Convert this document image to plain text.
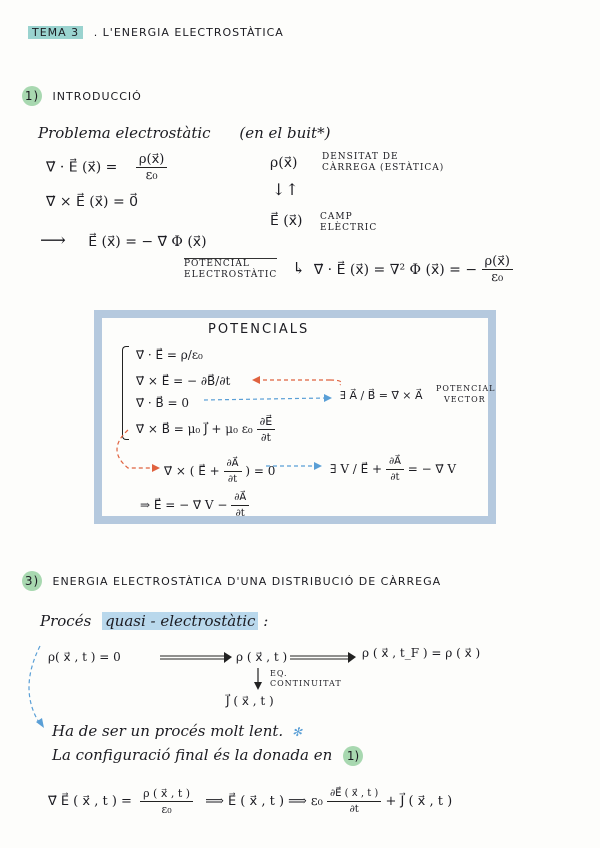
TEMA 3 . L'ENERGIA ELECTROSTÀTICA
1) INTRODUCCIÓ
Problema electrostàtic (en el buit*)
∇⃗ · E⃗ (x⃗) = $\frac{\rho(x⃗)}{\text{ε₀}}$
∇⃗ × E⃗ (x⃗) = 0⃗
⟶ E⃗ (x⃗) = − ∇⃗ Φ (x⃗)
POTENCIAL
ELECTROSTÀTIC
ρ(x⃗)	DENSITAT DE
CÀRREGA (ESTÀTICA)
↓↑
E⃗ (x⃗) CAMP
ELÈCTRIC
↳ ∇⃗ · E⃗ (x⃗) = ∇² Φ (x⃗) = − $\frac{\rho(x⃗)}{\text{ε₀}}$
POTENCIALS
∇⃗ · E⃗ = ρ/ε₀
∇⃗ × E⃗ = − ∂B⃗/∂t
∇⃗ · B⃗ = 0
∇⃗ × B⃗ = μ₀ J⃗ + μ₀ $\varepsilon_0 \frac{\partial E⃗}{\partial t}$
∃ A⃗ / B⃗ = ∇⃗ × A⃗
POTENCIAL
VECTOR
∇⃗ × ( E⃗ + $\frac{\partial A⃗}{\partial t}$ ) = 0	∃ V / E⃗ + $\frac{\partial A⃗}{\partial t}$ = − ∇⃗ V
⇒ E⃗ = − ∇⃗ $V - \frac{\partial A⃗}{\partial t}$
3) ENERGIA ELECTROSTÀTICA D'UNA DISTRIBUCIÓ DE CÀRREGA
Procés quasi - electrostàtic :
ρ( x⃗ , t ) = 0	ρ ( x⃗ , t )	ρ ( x⃗ , t_F ) = ρ ( x⃗ )
EQ.
CONTINUITAT
J⃗ ( x⃗ , t )
Ha de ser un procés molt lent. ✻
La configuració final és la donada en 1)
∇⃗ E⃗ ( x⃗ , t ) = $\frac{\rho ( x⃗ , t )}{\text{ε₀}}$ ⟹ E⃗ ( x⃗ , t ) ⟹ $\varepsilon_0 \frac{\partial E⃗ ( x⃗ , t )}{\partial t}$ + J⃗ ( x⃗ , t )
